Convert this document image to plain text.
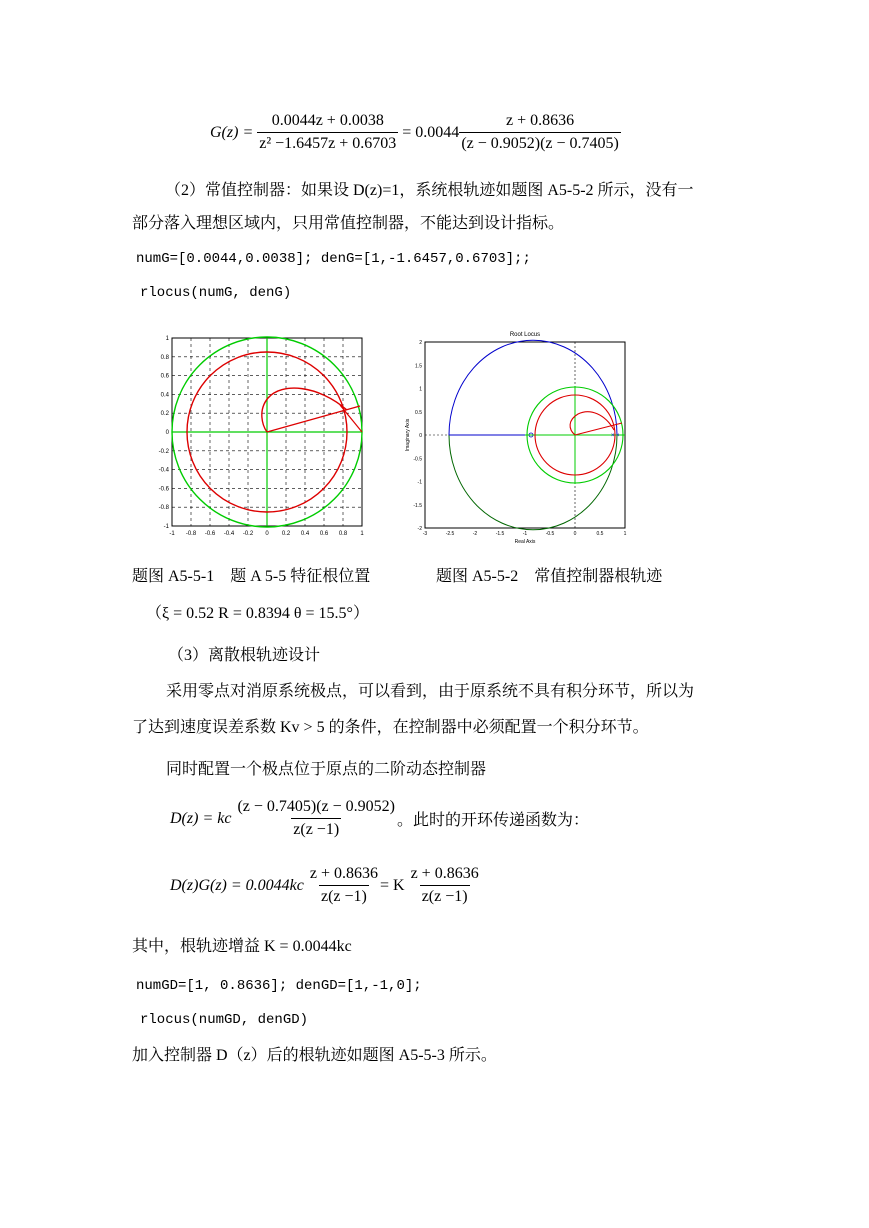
G(z) =
$\frac{0.0044z + 0.0038}{\text{z² −1.6457z + 0.6703}}$
= $0.0044 \frac{z + 0.8636}{(z - 0.9052)(z - 0.7405)}$
（2）常值控制器：如果设 D(z)=1，系统根轨迹如题图 A5-5-2 所示，没有一
部分落入理想区域内，只用常值控制器，不能达到设计指标。
numG=[0.0044,0.0038]; denG=[1,-1.6457,0.6703];;
rlocus(numG, denG)
-1 -0.8 -0.6 -0.4 -0.2 0 0.2 0.4 0.6 0.8 1
1
0.8
0.6
0.4
0.2
0
-0.2
-0.4
-0.6
-0.8
-1
Root Locus
Real Axis
Imaginary Axis
-3	-2.5	-2	-1.5	-1	-0.5	0	0.5	1
2
1.5
1
0.5
0
-0.5
-1
-1.5
-2
× ×
题图 A5-5-1　题 A 5-5 特征根位置	题图 A5-5-2　常值控制器根轨迹
（ξ = 0.52 R = 0.8394 θ = 15.5°）
（3）离散根轨迹设计
采用零点对消原系统极点，可以看到，由于原系统不具有积分环节，所以为
了达到速度误差系数 Kv > 5 的条件，在控制器中必须配置一个积分环节。
同时配置一个极点位于原点的二阶动态控制器
D(z) = kc
$\frac{(z - 0.7405)(z - 0.9052)}{z(z -1)}$ 。此时的开环传递函数为：
D(z)G(z) = 0.0044kc
$\frac{z + 0.8636}{z(z -1)} = K$
$\frac{z + 0.8636}{z(z -1)}$
其中，根轨迹增益 K = 0.0044kc
numGD=[1, 0.8636]; denGD=[1,-1,0];
rlocus(numGD, denGD)
加入控制器 D（z）后的根轨迹如题图 A5-5-3 所示。
